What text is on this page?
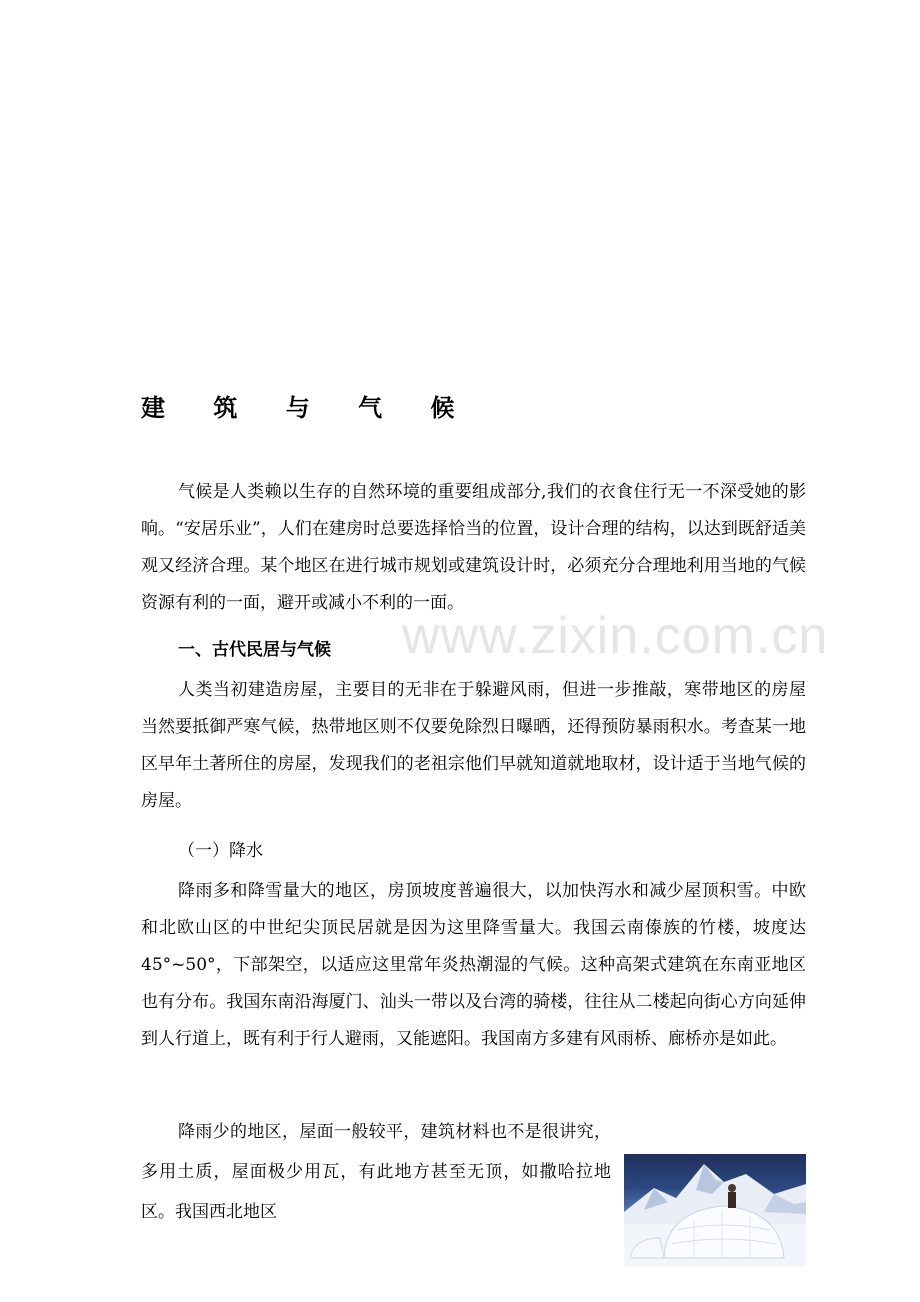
建 筑 与 气 候
www.zixin.com.cn

气候是人类赖以生存的自然环境的重要组成部分,我们的衣食住行无一不深受她的影响。“安居乐业”，人们在建房时总要选择恰当的位置，设计合理的结构，以达到既舒适美观又经济合理。某个地区在进行城市规划或建筑设计时，必须充分合理地利用当地的气候资源有利的一面，避开或减小不利的一面。

一、古代民居与气候

人类当初建造房屋，主要目的无非在于躲避风雨，但进一步推敲，寒带地区的房屋当然要抵御严寒气候，热带地区则不仅要免除烈日曝晒，还得预防暴雨积水。考查某一地区早年土著所住的房屋，发现我们的老祖宗他们早就知道就地取材，设计适于当地气候的房屋。

（一）降水

降雨多和降雪量大的地区，房顶坡度普遍很大，以加快泻水和减少屋顶积雪。中欧和北欧山区的中世纪尖顶民居就是因为这里降雪量大。我国云南傣族的竹楼，坡度达 45°~50°，下部架空，以适应这里常年炎热潮湿的气候。这种高架式建筑在东南亚地区也有分布。我国东南沿海厦门、汕头一带以及台湾的骑楼，往往从二楼起向街心方向延伸到人行道上，既有利于行人避雨，又能遮阳。我国南方多建有风雨桥、廊桥亦是如此。

降雨少的地区，屋面一般较平，建筑材料也不是很讲究，多用土质，屋面极少用瓦，有此地方甚至无顶，如撒哈拉地区。我国西北地区
